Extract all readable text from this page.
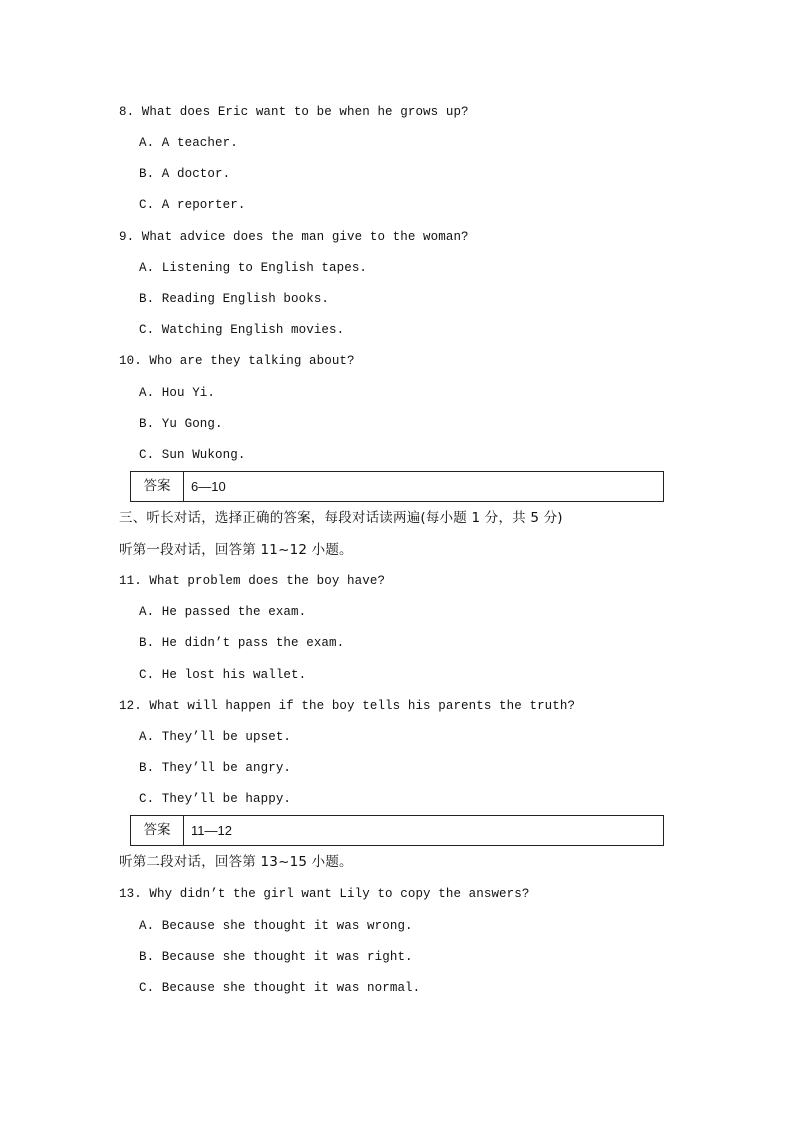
8. What does Eric want to be when he grows up?
A. A teacher.
B. A doctor.
C. A reporter.
9. What advice does the man give to the woman?
A. Listening to English tapes.
B. Reading English books.
C. Watching English movies.
10. Who are they talking about?
A. Hou Yi.
B. Yu Gong.
C. Sun Wukong.
答案	6—10
三、听长对话，选择正确的答案，每段对话读两遍(每小题 1 分，共 5 分)
听第一段对话，回答第 11~12 小题。
11. What problem does the boy have?
A. He passed the exam.
B. He didn’t pass the exam.
C. He lost his wallet.
12. What will happen if the boy tells his parents the truth?
A. They’ll be upset.
B. They’ll be angry.
C. They’ll be happy.
答案	11—12
听第二段对话，回答第 13~15 小题。
13. Why didn’t the girl want Lily to copy the answers?
A. Because she thought it was wrong.
B. Because she thought it was right.
C. Because she thought it was normal.
